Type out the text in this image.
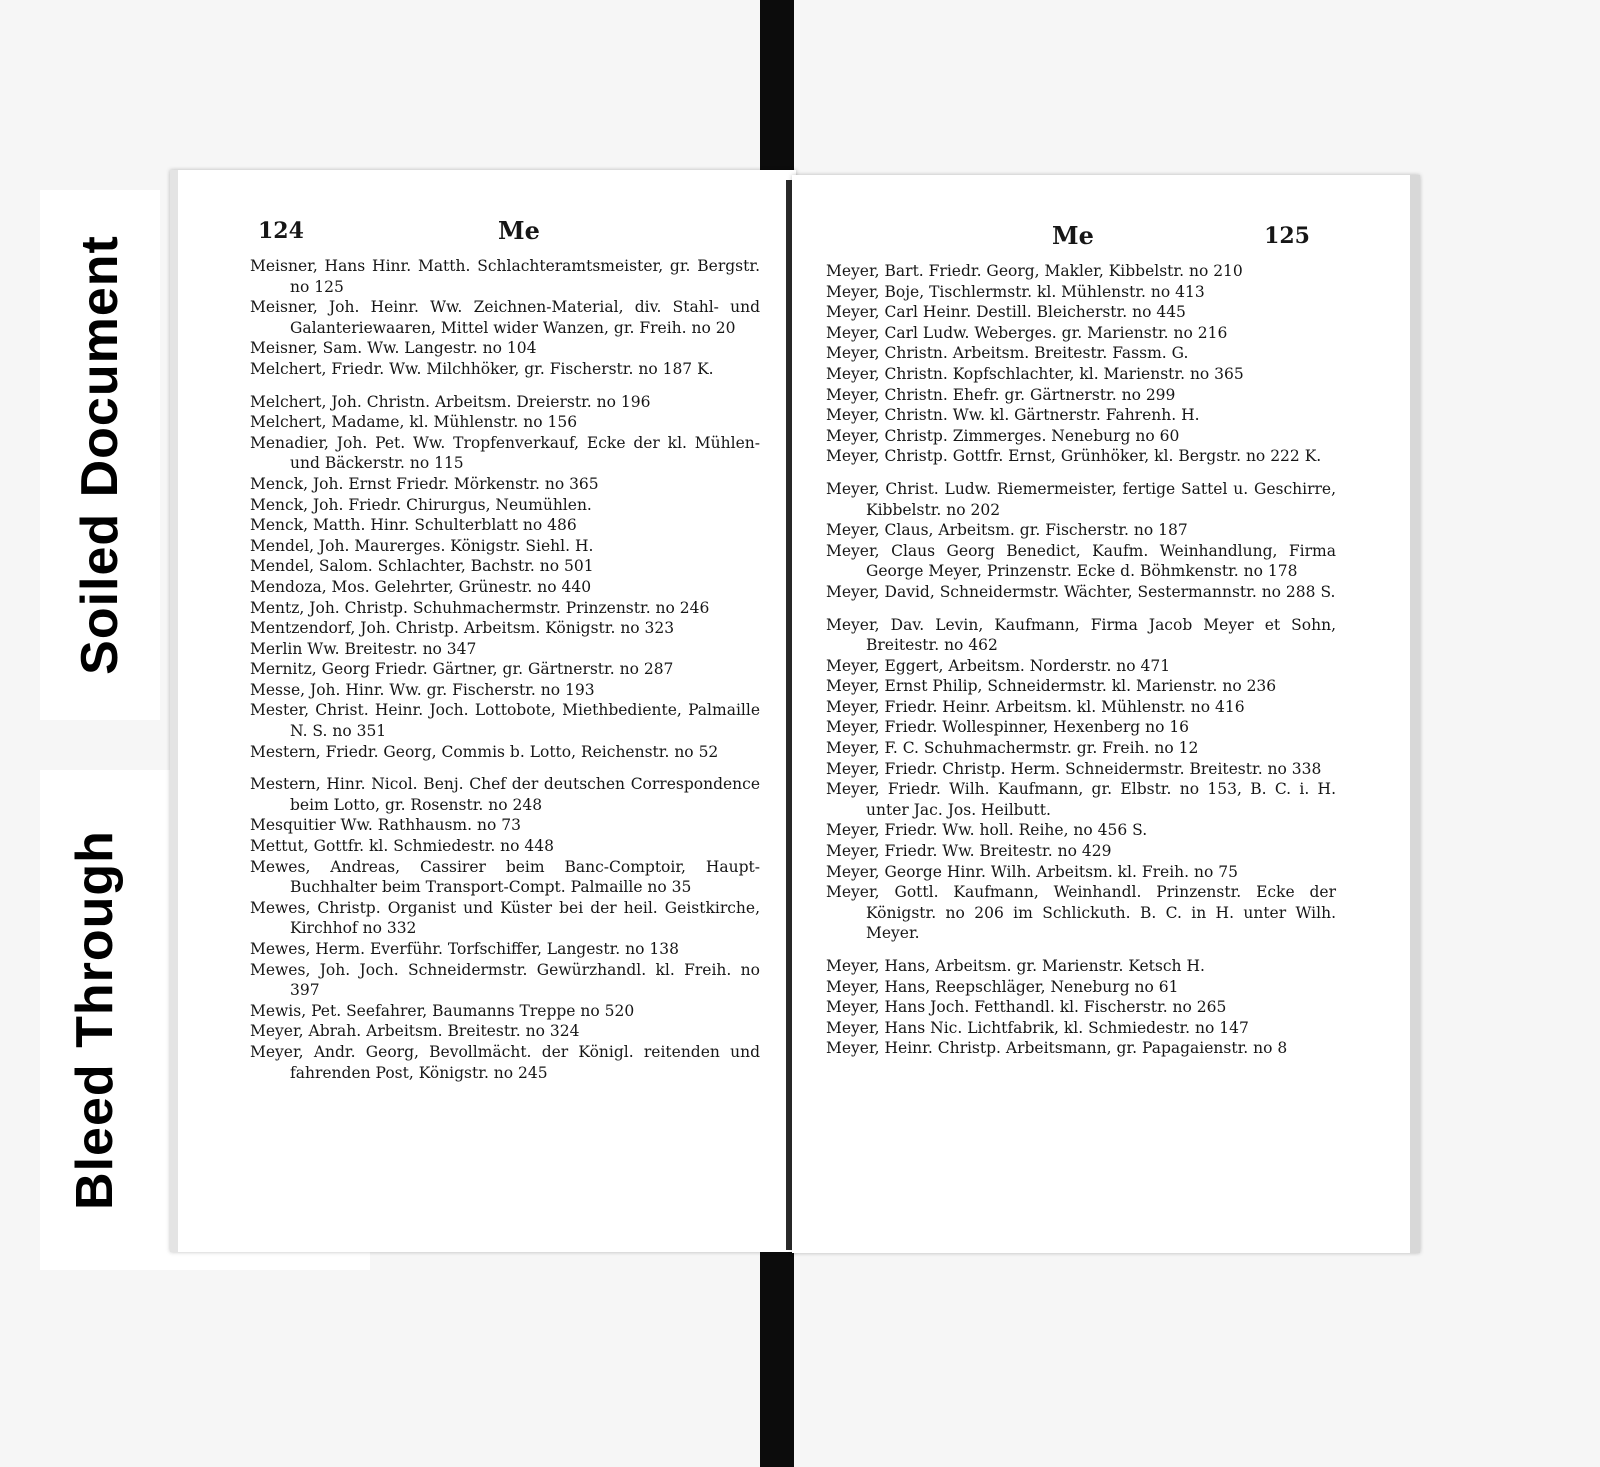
Soiled Document
Bleed Through
124	Me
Meisner, Hans Hinr. Matth. Schlachteramtsmeister, gr. Bergstr. no 125
Meisner, Joh. Heinr. Ww. Zeichnen-Material, div. Stahl- und Galanteriewaaren, Mittel wider Wanzen, gr. Freih. no 20
Meisner, Sam. Ww. Langestr. no 104
Melchert, Friedr. Ww. Milchhöker, gr. Fischerstr. no 187 K.
Melchert, Joh. Christn. Arbeitsm. Dreierstr. no 196
Melchert, Madame, kl. Mühlenstr. no 156
Menadier, Joh. Pet. Ww. Tropfenverkauf, Ecke der kl. Mühlen- und Bäckerstr. no 115
Menck, Joh. Ernst Friedr. Mörkenstr. no 365
Menck, Joh. Friedr. Chirurgus, Neumühlen.
Menck, Matth. Hinr. Schulterblatt no 486
Mendel, Joh. Maurerges. Königstr. Siehl. H.
Mendel, Salom. Schlachter, Bachstr. no 501
Mendoza, Mos. Gelehrter, Grünestr. no 440
Mentz, Joh. Christp. Schuhmachermstr. Prinzenstr. no 246
Mentzendorf, Joh. Christp. Arbeitsm. Königstr. no 323
Merlin Ww. Breitestr. no 347
Mernitz, Georg Friedr. Gärtner, gr. Gärtnerstr. no 287
Messe, Joh. Hinr. Ww. gr. Fischerstr. no 193
Mester, Christ. Heinr. Joch. Lottobote, Miethbediente, Palmaille N. S. no 351
Mestern, Friedr. Georg, Commis b. Lotto, Reichenstr. no 52
Mestern, Hinr. Nicol. Benj. Chef der deutschen Correspondence beim Lotto, gr. Rosenstr. no 248
Mesquitier Ww. Rathhausm. no 73
Mettut, Gottfr. kl. Schmiedestr. no 448
Mewes, Andreas, Cassirer beim Banc-Comptoir, Haupt-Buchhalter beim Transport-Compt. Palmaille no 35
Mewes, Christp. Organist und Küster bei der heil. Geistkirche, Kirchhof no 332
Mewes, Herm. Everführ. Torfschiffer, Langestr. no 138
Mewes, Joh. Joch. Schneidermstr. Gewürzhandl. kl. Freih. no 397
Mewis, Pet. Seefahrer, Baumanns Treppe no 520
Meyer, Abrah. Arbeitsm. Breitestr. no 324
Meyer, Andr. Georg, Bevollmächt. der Königl. reitenden und fahrenden Post, Königstr. no 245
Me	125
Meyer, Bart. Friedr. Georg, Makler, Kibbelstr. no 210
Meyer, Boje, Tischlermstr. kl. Mühlenstr. no 413
Meyer, Carl Heinr. Destill. Bleicherstr. no 445
Meyer, Carl Ludw. Weberges. gr. Marienstr. no 216
Meyer, Christn. Arbeitsm. Breitestr. Fassm. G.
Meyer, Christn. Kopfschlachter, kl. Marienstr. no 365
Meyer, Christn. Ehefr. gr. Gärtnerstr. no 299
Meyer, Christn. Ww. kl. Gärtnerstr. Fahrenh. H.
Meyer, Christp. Zimmerges. Neneburg no 60
Meyer, Christp. Gottfr. Ernst, Grünhöker, kl. Bergstr. no 222 K.
Meyer, Christ. Ludw. Riemermeister, fertige Sattel u. Geschirre, Kibbelstr. no 202
Meyer, Claus, Arbeitsm. gr. Fischerstr. no 187
Meyer, Claus Georg Benedict, Kaufm. Weinhandlung, Firma George Meyer, Prinzenstr. Ecke d. Böhmkenstr. no 178
Meyer, David, Schneidermstr. Wächter, Sestermannstr. no 288 S.
Meyer, Dav. Levin, Kaufmann, Firma Jacob Meyer et Sohn, Breitestr. no 462
Meyer, Eggert, Arbeitsm. Norderstr. no 471
Meyer, Ernst Philip, Schneidermstr. kl. Marienstr. no 236
Meyer, Friedr. Heinr. Arbeitsm. kl. Mühlenstr. no 416
Meyer, Friedr. Wollespinner, Hexenberg no 16
Meyer, F. C. Schuhmachermstr. gr. Freih. no 12
Meyer, Friedr. Christp. Herm. Schneidermstr. Breitestr. no 338
Meyer, Friedr. Wilh. Kaufmann, gr. Elbstr. no 153, B. C. i. H. unter Jac. Jos. Heilbutt.
Meyer, Friedr. Ww. holl. Reihe, no 456 S.
Meyer, Friedr. Ww. Breitestr. no 429
Meyer, George Hinr. Wilh. Arbeitsm. kl. Freih. no 75
Meyer, Gottl. Kaufmann, Weinhandl. Prinzenstr. Ecke der Königstr. no 206 im Schlickuth. B. C. in H. unter Wilh. Meyer.
Meyer, Hans, Arbeitsm. gr. Marienstr. Ketsch H.
Meyer, Hans, Reepschläger, Neneburg no 61
Meyer, Hans Joch. Fetthandl. kl. Fischerstr. no 265
Meyer, Hans Nic. Lichtfabrik, kl. Schmiedestr. no 147
Meyer, Heinr. Christp. Arbeitsmann, gr. Papagaienstr. no 8
